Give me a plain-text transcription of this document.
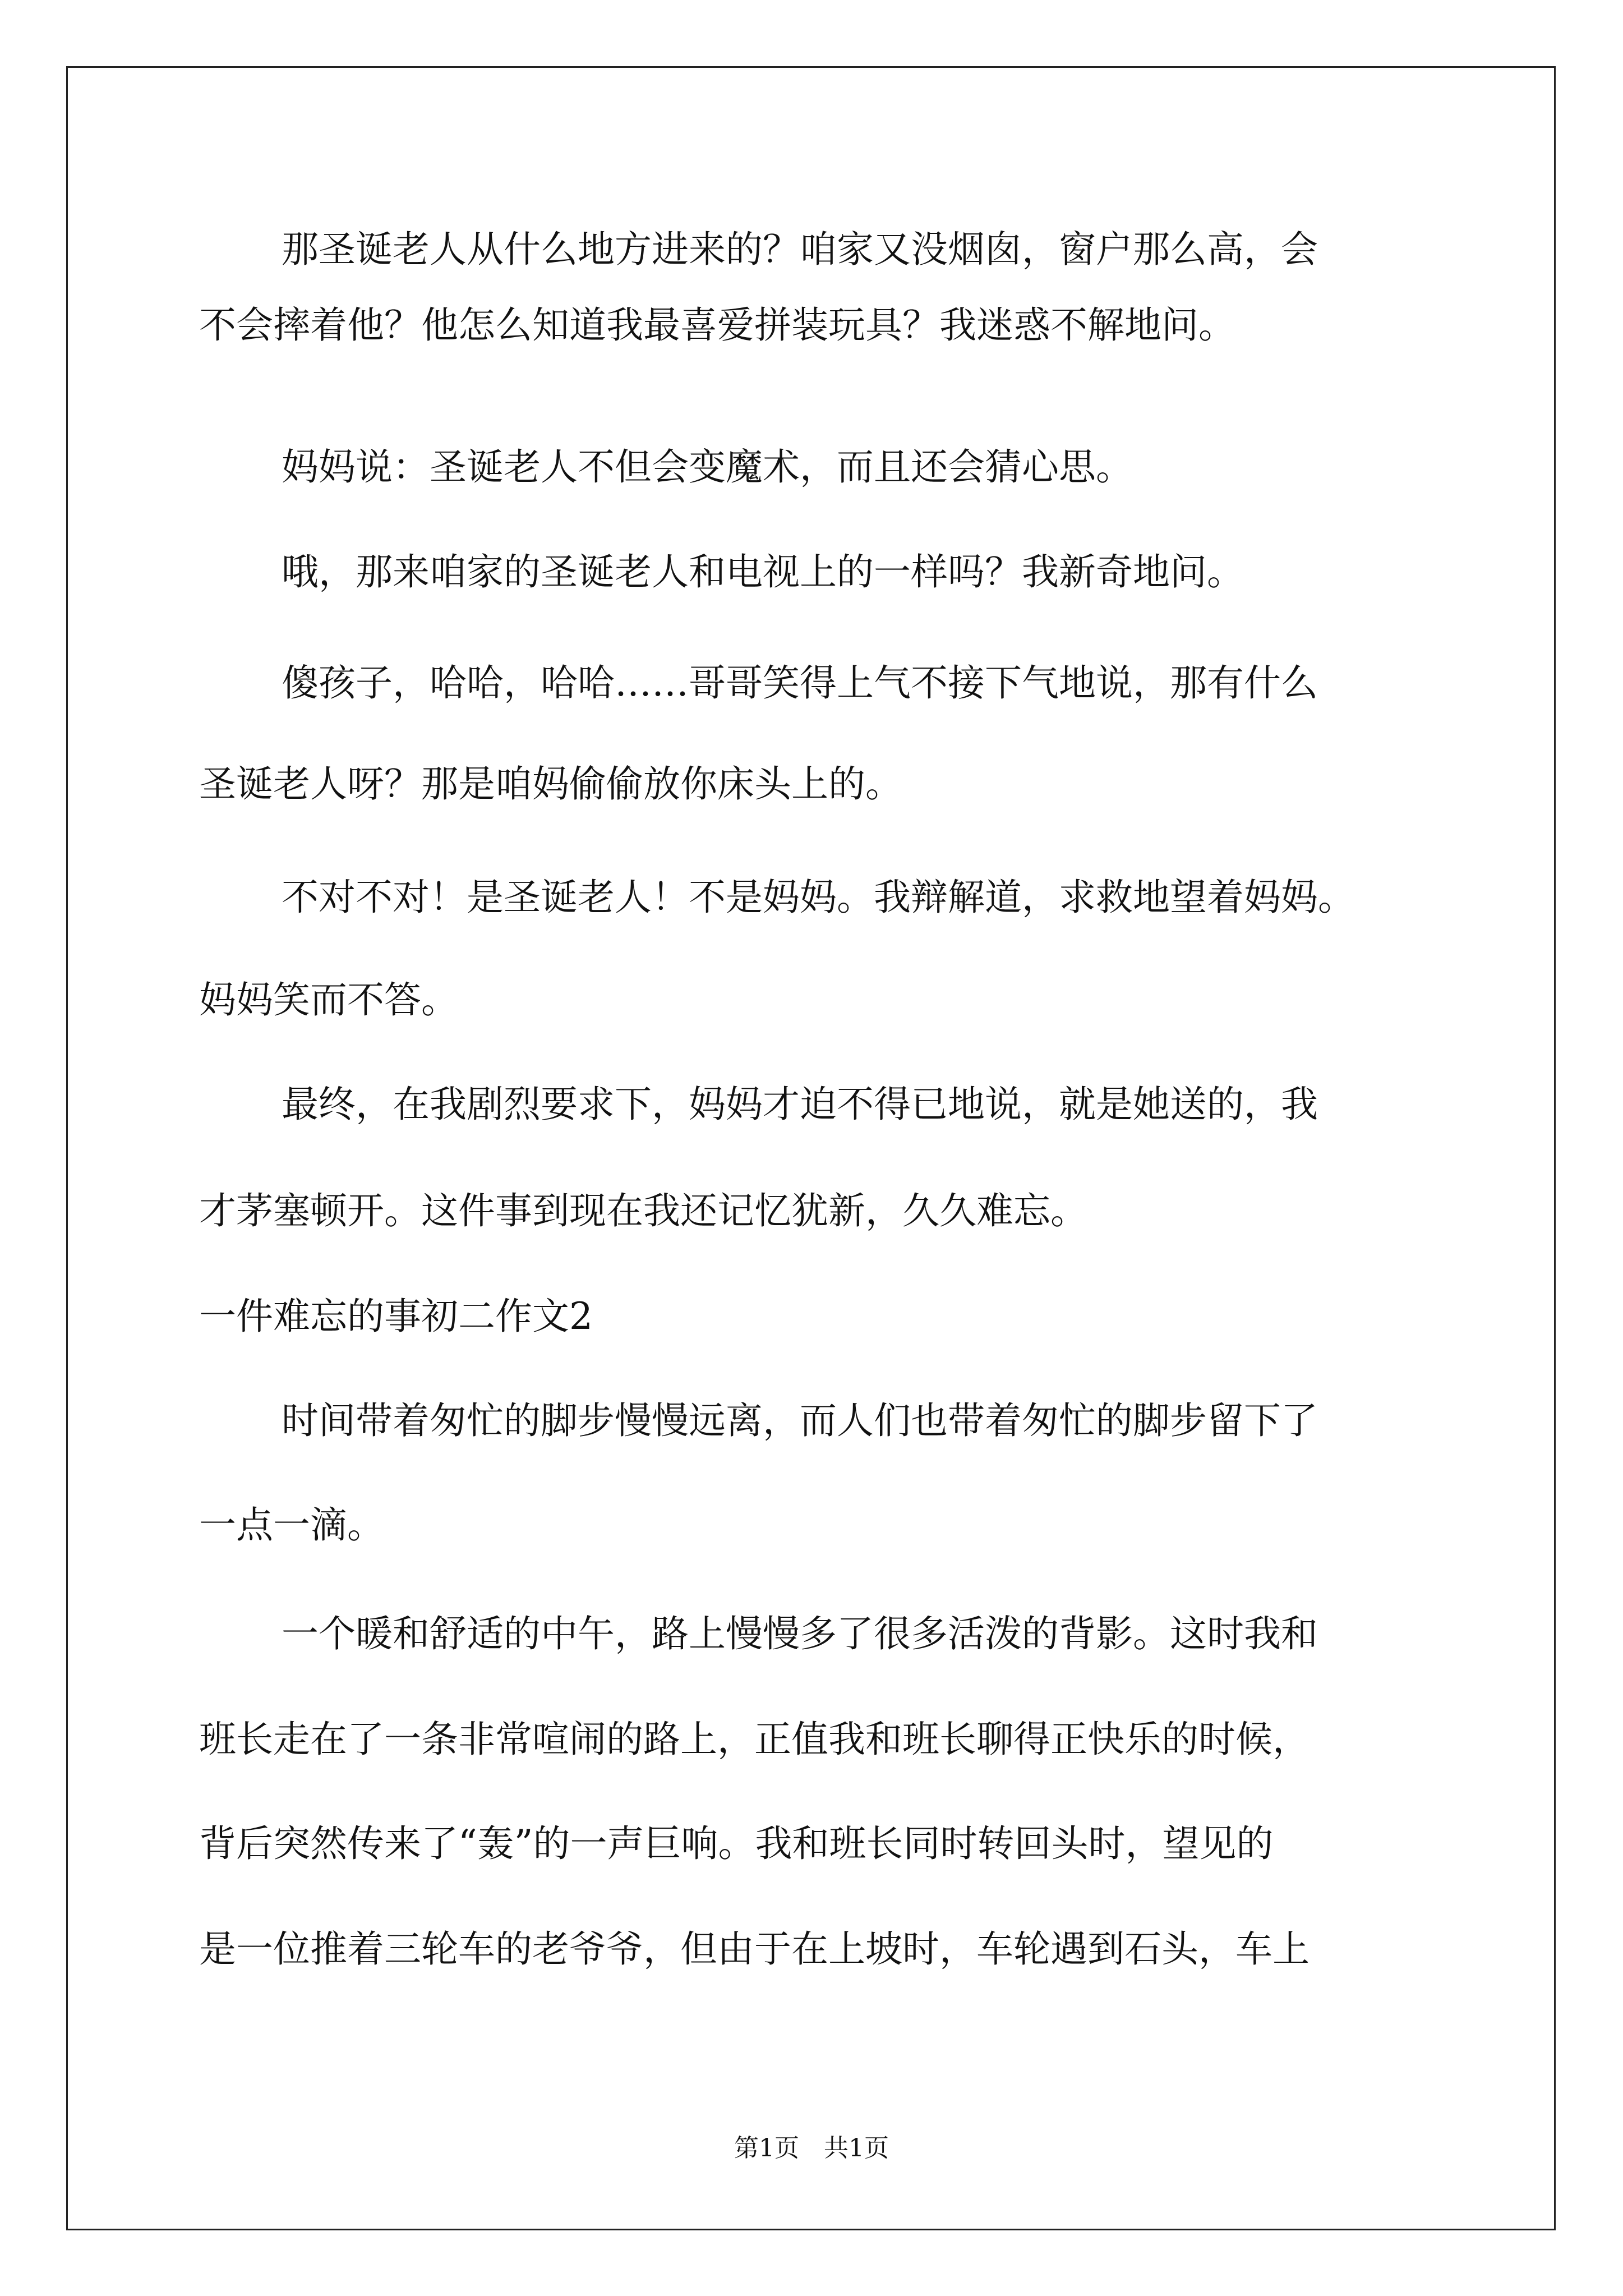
那圣诞老人从什么地方进来的？咱家又没烟囱，窗户那么高，会
不会摔着他？他怎么知道我最喜爱拼装玩具？我迷惑不解地问。
妈妈说：圣诞老人不但会变魔术，而且还会猜心思。
哦，那来咱家的圣诞老人和电视上的一样吗？我新奇地问。
傻孩子，哈哈，哈哈……哥哥笑得上气不接下气地说，那有什么
圣诞老人呀？那是咱妈偷偷放你床头上的。
不对不对！是圣诞老人！不是妈妈。我辩解道，求救地望着妈妈。
妈妈笑而不答。
最终，在我剧烈要求下，妈妈才迫不得已地说，就是她送的，我
才茅塞顿开。这件事到现在我还记忆犹新，久久难忘。
一件难忘的事初二作文2
时间带着匆忙的脚步慢慢远离，而人们也带着匆忙的脚步留下了
一点一滴。
一个暖和舒适的中午，路上慢慢多了很多活泼的背影。这时我和
班长走在了一条非常喧闹的路上，正值我和班长聊得正快乐的时候，
背后突然传来了“轰”的一声巨响。我和班长同时转回头时，望见的
是一位推着三轮车的老爷爷，但由于在上坡时，车轮遇到石头，车上
第1页　共1页
